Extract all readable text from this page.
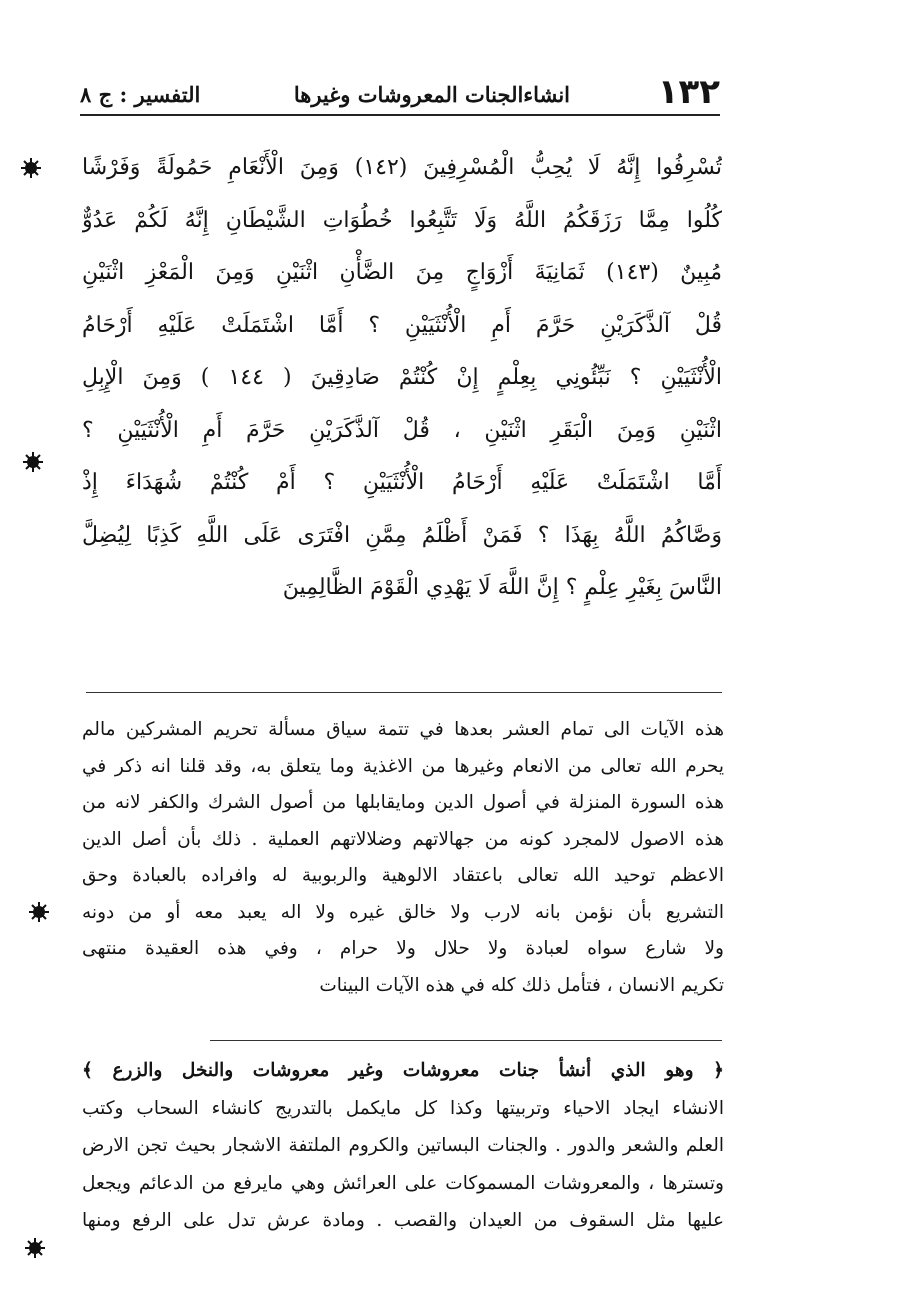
١٣٢
انشاءالجنات المعروشات وغيرها
التفسير : ج ٨
تُسْرِفُوا إِنَّهُ لَا يُحِبُّ الْمُسْرِفِينَ (١٤٢) وَمِنَ الْأَنْعَامِ حَمُولَةً وَفَرْشًا
كُلُوا مِمَّا رَزَقَكُمُ اللَّهُ وَلَا تَتَّبِعُوا خُطُوَاتِ الشَّيْطَانِ إِنَّهُ لَكُمْ عَدُوٌّ
مُبِينٌ (١٤٣) ثَمَانِيَةَ أَزْوَاجٍ مِنَ الضَّأْنِ اثْنَيْنِ وَمِنَ الْمَعْزِ اثْنَيْنِ
قُلْ آلذَّكَرَيْنِ حَرَّمَ أَمِ الْأُنْثَيَيْنِ ؟ أَمَّا اشْتَمَلَتْ عَلَيْهِ أَرْحَامُ
الْأُنْثَيَيْنِ ؟ نَبِّئُونِي بِعِلْمٍ إِنْ كُنْتُمْ صَادِقِينَ ( ١٤٤ ) وَمِنَ الْإِبِلِ
اثْنَيْنِ وَمِنَ الْبَقَرِ اثْنَيْنِ ، قُلْ آلذَّكَرَيْنِ حَرَّمَ أَمِ الْأُنْثَيَيْنِ ؟
أَمَّا اشْتَمَلَتْ عَلَيْهِ أَرْحَامُ الْأُنْثَيَيْنِ ؟ أَمْ كُنْتُمْ شُهَدَاءَ إِذْ
وَصَّاكُمُ اللَّهُ بِهَذَا ؟ فَمَنْ أَظْلَمُ مِمَّنِ افْتَرَى عَلَى اللَّهِ كَذِبًا لِيُضِلَّ
النَّاسَ بِغَيْرِ عِلْمٍ ؟ إِنَّ اللَّهَ لَا يَهْدِي الْقَوْمَ الظَّالِمِينَ
هذه الآيات الى تمام العشر بعدها في تتمة سياق مسألة تحريم المشركين مالم
يحرم الله تعالى من الانعام وغيرها من الاغذية وما يتعلق به، وقد قلنا انه ذكر في
هذه السورة المنزلة في أصول الدين ومايقابلها من أصول الشرك والكفر لانه من
هذه الاصول لالمجرد كونه من جهالاتهم وضلالاتهم العملية . ذلك بأن أصل الدين
الاعظم توحيد الله تعالى باعتقاد الالوهية والربوبية له وافراده بالعبادة وحق
التشريع بأن نؤمن بانه لارب ولا خالق غيره ولا اله يعبد معه أو من دونه
ولا شارع سواه لعبادة ولا حلال ولا حرام ، وفي هذه العقيدة منتهى
تكريم الانسان ، فتأمل ذلك كله في هذه الآيات البينات
﴿ وهو الذي أنشأ جنات معروشات وغير معروشات والنخل والزرع ﴾
الانشاء ايجاد الاحياء وتربيتها وكذا كل مايكمل بالتدريج كانشاء السحاب وكتب
العلم والشعر والدور . والجنات البساتين والكروم الملتفة الاشجار بحيث تجن الارض
وتسترها ، والمعروشات المسموكات على العرائش وهي مايرفع من الدعائم ويجعل
عليها مثل السقوف من العيدان والقصب . ومادة عرش تدل على الرفع ومنها
